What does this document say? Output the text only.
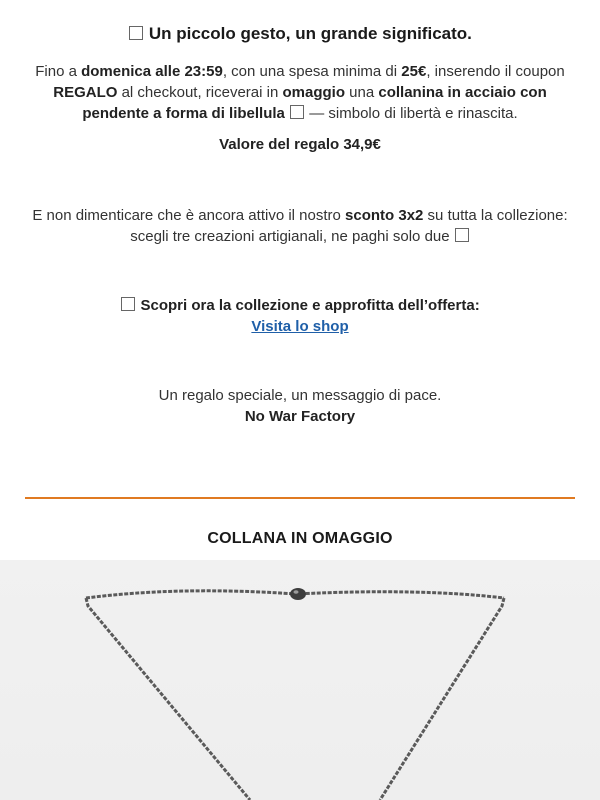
Un piccolo gesto, un grande significato.
Fino a domenica alle 23:59, con una spesa minima di 25€, inserendo il coupon
REGALO al checkout, riceverai in omaggio una collanina in acciaio con pendente a forma di libellula  — simbolo di libertà e rinascita.
Valore del regalo 34,9€
E non dimenticare che è ancora attivo il nostro sconto 3x2 su tutta la collezione:
scegli tre creazioni artigianali, ne paghi solo due
Scopri ora la collezione e approfitta dell’offerta:
Visita lo shop
Un regalo speciale, un messaggio di pace.
No War Factory
COLLANA IN OMAGGIO
